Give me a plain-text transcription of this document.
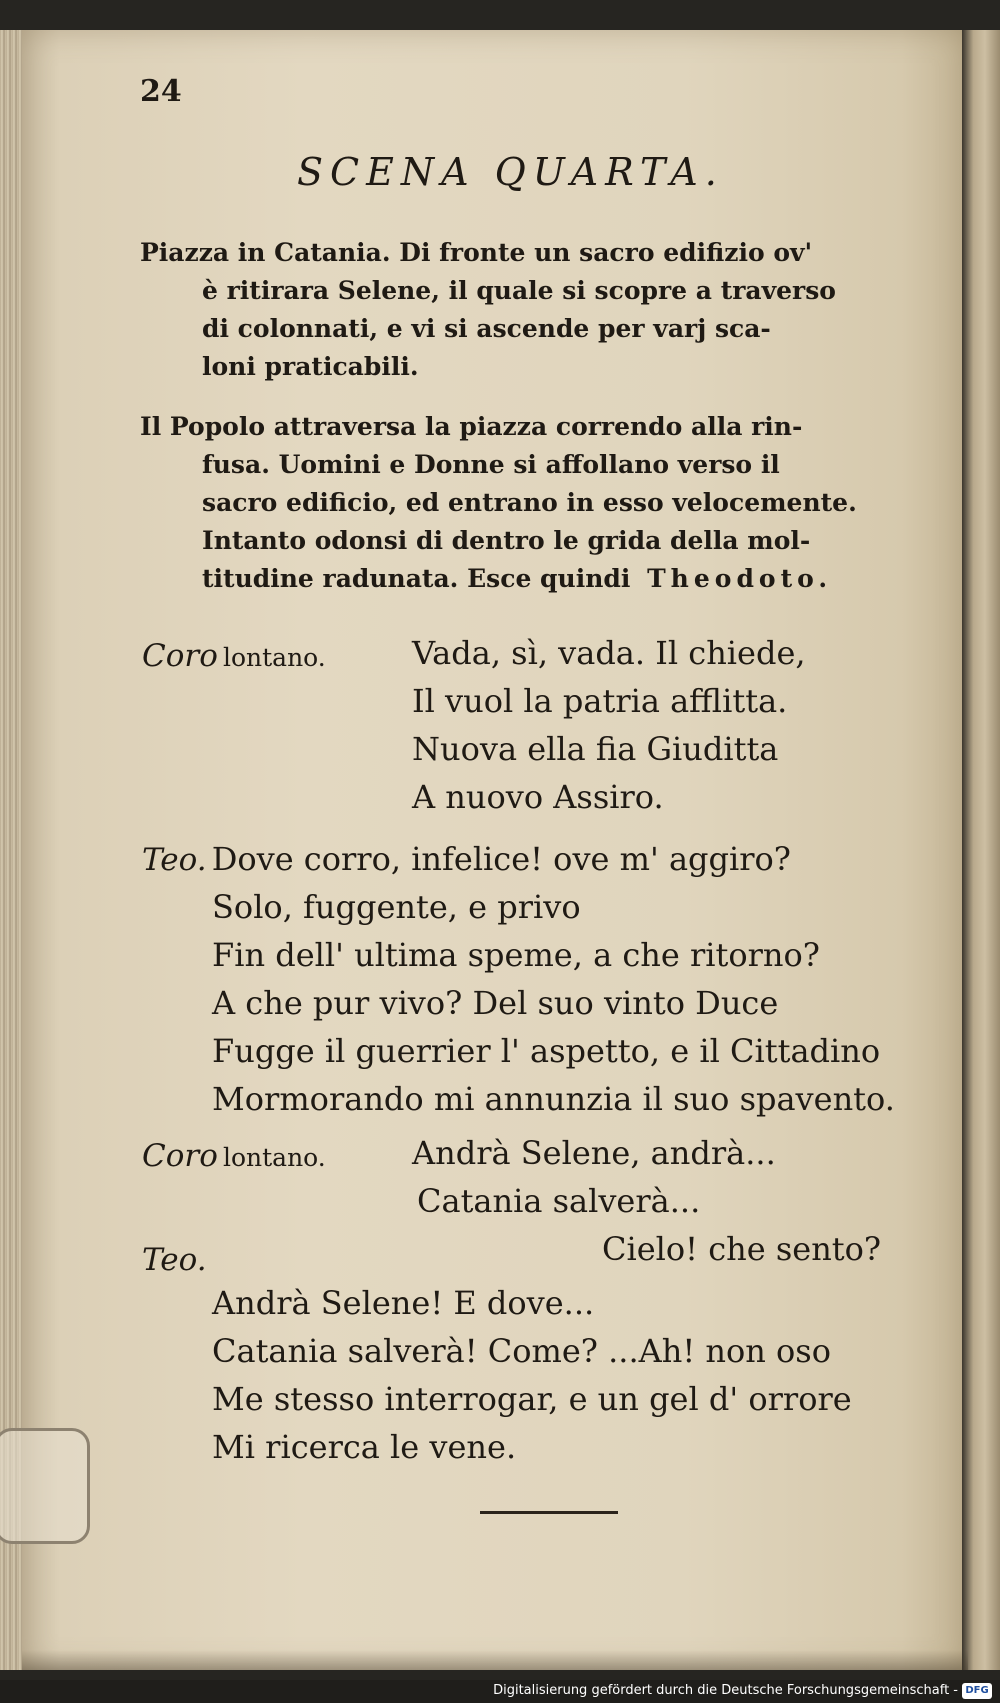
24
SCENA QUARTA.
Piazza in Catania. Di fronte un sacro edifizio ov'
è ritirara Selene, il quale si scopre a traverso
di colonnati, e vi si ascende per varj sca-
loni praticabili.
Il Popolo attraversa la piazza correndo alla rin-
fusa. Uomini e Donne si affollano verso il
sacro edificio, ed entrano in esso velocemente.
Intanto odonsi di dentro le grida della mol-
titudine radunata. Esce quindi Theodoto.
Coro lontano.	Vada, sì, vada. Il chiede,
Il vuol la patria afflitta.
Nuova ella fia Giuditta
A nuovo Assiro.
Teo. Dove corro, infelice! ove m' aggiro?
Solo, fuggente, e privo
Fin dell' ultima speme, a che ritorno?
A che pur vivo? Del suo vinto Duce
Fugge il guerrier l' aspetto, e il Cittadino
Mormorando mi annunzia il suo spavento.
Coro lontano.	Andrà Selene, andrà...
Catania salverà...
Teo.	Cielo! che sento?
Andrà Selene! E dove...
Catania salverà! Come? ...Ah! non oso
Me stesso interrogar, e un gel d' orrore
Mi ricerca le vene.
Digitalisierung gefördert durch die Deutsche Forschungsgemeinschaft - DFG
